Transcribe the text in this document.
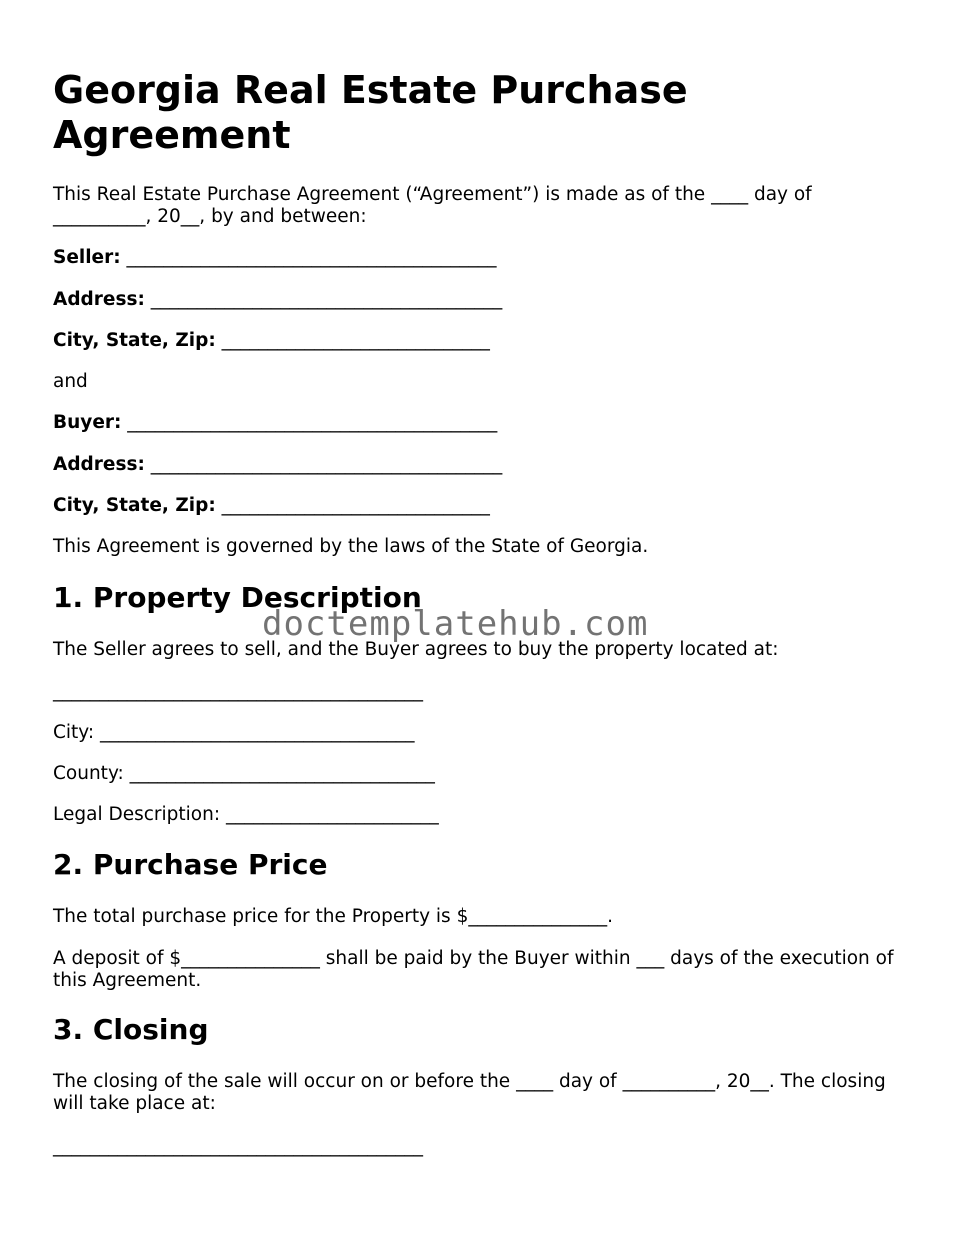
Georgia Real Estate Purchase Agreement

This Real Estate Purchase Agreement (“Agreement”) is made as of the ____ day of __________, 20__, by and between:

Seller: ________________________________________

Address: ______________________________________

City, State, Zip: _____________________________

and

Buyer: ________________________________________

Address: ______________________________________

City, State, Zip: _____________________________

This Agreement is governed by the laws of the State of Georgia.

1. Property Description

The Seller agrees to sell, and the Buyer agrees to buy the property located at:

________________________________________

City: __________________________________

County: _________________________________

Legal Description: _______________________

2. Purchase Price

The total purchase price for the Property is $_______________.

A deposit of $_______________ shall be paid by the Buyer within ___ days of the execution of this Agreement.

3. Closing

The closing of the sale will occur on or before the ____ day of __________, 20__. The closing will take place at:

________________________________________

doctemplatehub.com
